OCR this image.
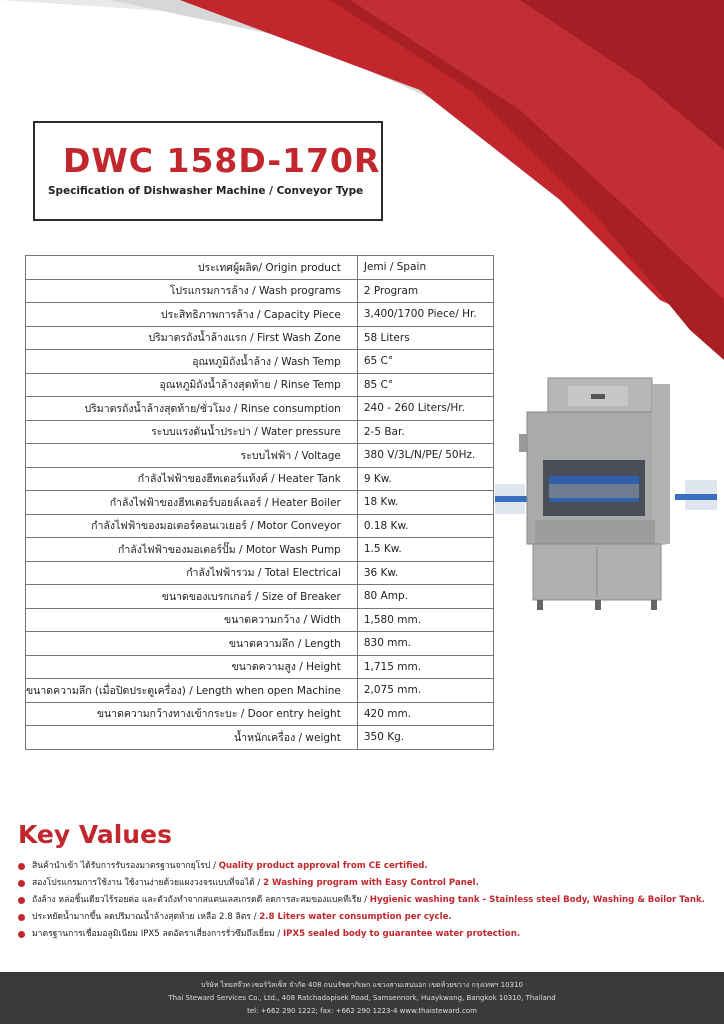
DWC 158D-170R
Specification of Dishwasher Machine / Conveyor Type
ประเทศผู้ผลิต/ Origin product	Jemi / Spain
โปรแกรมการล้าง / Wash programs	2 Program
ประสิทธิภาพการล้าง / Capacity Piece	3,400/1700 Piece/ Hr.
ปริมาตรถังน้ำล้างแรก / First Wash Zone	58 Liters
อุณหภูมิถังน้ำล้าง / Wash Temp	65 C°
อุณหภูมิถังน้ำล้างสุดท้าย / Rinse Temp	85 C°
ปริมาตรถังน้ำล้างสุดท้าย/ชั่วโมง / Rinse consumption	240 - 260 Liters/Hr.
ระบบแรงดันน้ำประปา / Water pressure	2-5 Bar.
ระบบไฟฟ้า / Voltage	380 V/3L/N/PE/ 50Hz.
กำลังไฟฟ้าของฮีทเตอร์แท้งค์ / Heater Tank	9 Kw.
กำลังไฟฟ้าของฮีทเตอร์บอยล์เลอร์ / Heater Boiler	18 Kw.
กำลังไฟฟ้าของมอเตอร์คอนเวเยอร์ / Motor Conveyor	0.18 Kw.
กำลังไฟฟ้าของมอเตอร์ปั๊ม / Motor Wash Pump	1.5 Kw.
กำลังไฟฟ้ารวม / Total Electrical	36 Kw.
ขนาดของเบรกเกอร์ / Size of Breaker	80 Amp.
ขนาดความกว้าง / Width	1,580 mm.
ขนาดความลึก / Length	830 mm.
ขนาดความสูง / Height	1,715 mm.
ขนาดความลึก (เมื่อปิดประตูเครื่อง) / Length when open Machine	2,075 mm.
ขนาดความกว้างทางเข้ากระบะ / Door entry height	420 mm.
น้ำหนักเครื่อง / weight	350 Kg.
Key Values
สินค้านำเข้า ได้รับการรับรองมาตรฐานจากยุโรป / Quality product approval from CE certified.
สองโปรแกรมการใช้งาน ใช้งานง่ายด้วยแผงวงจรแบบที่จอได้ / 2 Washing program with Easy Control Panel.
ถังล้าง หล่อชิ้นเดียวไร้รอยต่อ และตัวถังทำจากสแตนเลสเกรดดี ลดการสะสมของแบคทีเรีย / Hygienic washing tank - Stainless steel Body, Washing & Boilor Tank.
ประหยัดน้ำมากขึ้น ลดปริมาณน้ำล้างสุดท้าย เหลือ 2.8 ลิตร / 2.8 Liters water consumption per cycle.
มาตรฐานการเชื่อมอลูมิเนียม IPX5 ลดอัตราเสี่ยงการรั่วซึมถึงเยี่ยม / IPX5 sealed body to guarantee water protection.
บริษัท ไทยสจ๊วท เซอร์วิสเซ็ส จำกัด 408 ถนนรัชดาภิเษก แขวงสามเสนนอก เขตห้วยขวาง กรุงเทพฯ 10310
Thai Steward Services Co., Ltd., 408 Ratchadapisek Road, Samsennork, Huaykwang, Bangkok 10310, Thailand
tel: +662 290 1222; fax: +662 290 1223-4 www.thaisteward.com
